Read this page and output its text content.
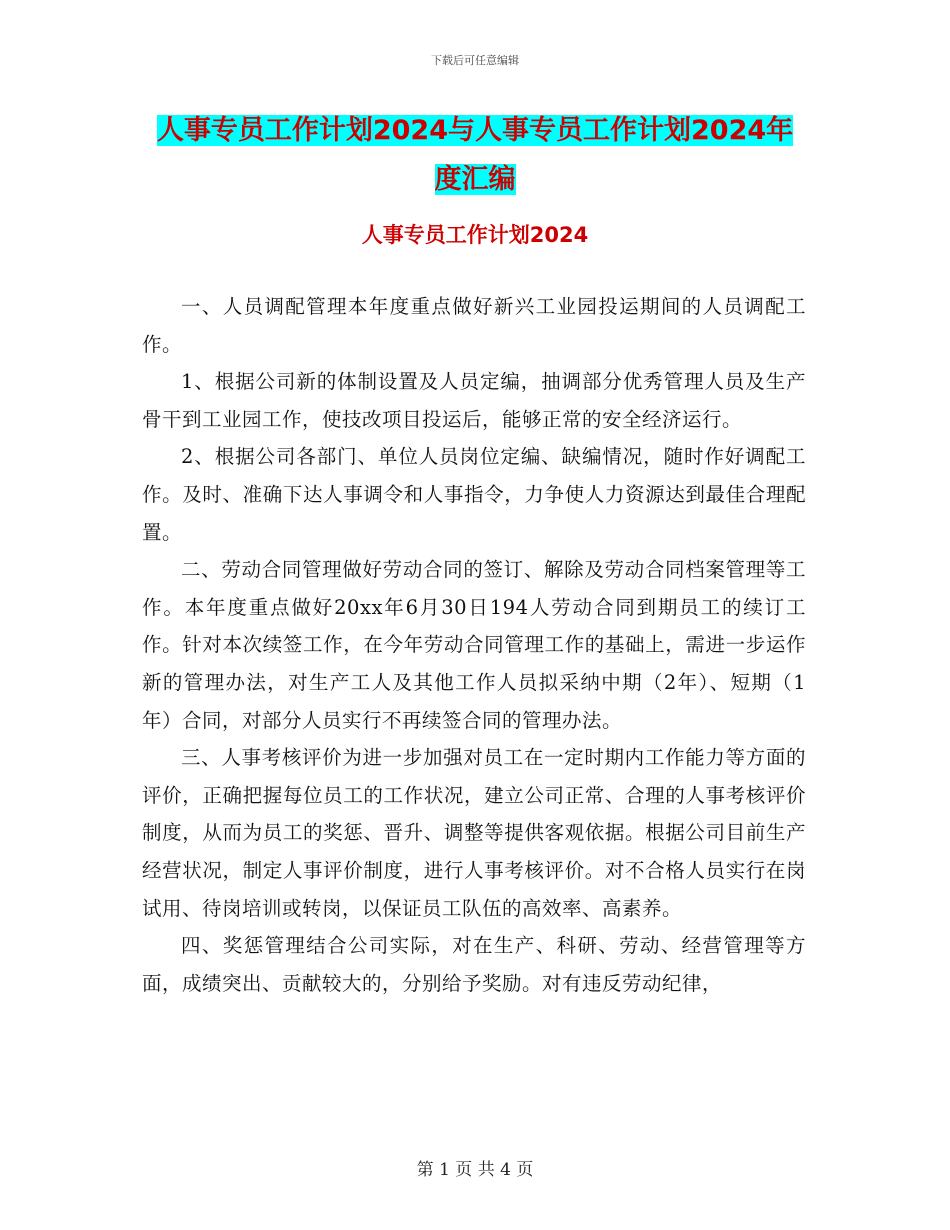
下载后可任意编辑
人事专员工作计划2024与人事专员工作计划2024年度汇编
人事专员工作计划2024

一、人员调配管理本年度重点做好新兴工业园投运期间的人员调配工作。

1、根据公司新的体制设置及人员定编，抽调部分优秀管理人员及生产骨干到工业园工作，使技改项目投运后，能够正常的安全经济运行。

2、根据公司各部门、单位人员岗位定编、缺编情况，随时作好调配工作。及时、准确下达人事调令和人事指令，力争使人力资源达到最佳合理配置。

二、劳动合同管理做好劳动合同的签订、解除及劳动合同档案管理等工作。本年度重点做好20xx年6月30日194人劳动合同到期员工的续订工作。针对本次续签工作，在今年劳动合同管理工作的基础上，需进一步运作新的管理办法，对生产工人及其他工作人员拟采纳中期（2年）、短期（1年）合同，对部分人员实行不再续签合同的管理办法。

三、人事考核评价为进一步加强对员工在一定时期内工作能力等方面的评价，正确把握每位员工的工作状况，建立公司正常、合理的人事考核评价制度，从而为员工的奖惩、晋升、调整等提供客观依据。根据公司目前生产经营状况，制定人事评价制度，进行人事考核评价。对不合格人员实行在岗试用、待岗培训或转岗，以保证员工队伍的高效率、高素养。

四、奖惩管理结合公司实际，对在生产、科研、劳动、经营管理等方面，成绩突出、贡献较大的，分别给予奖励。对有违反劳动纪律，

第 1 页 共 4 页
